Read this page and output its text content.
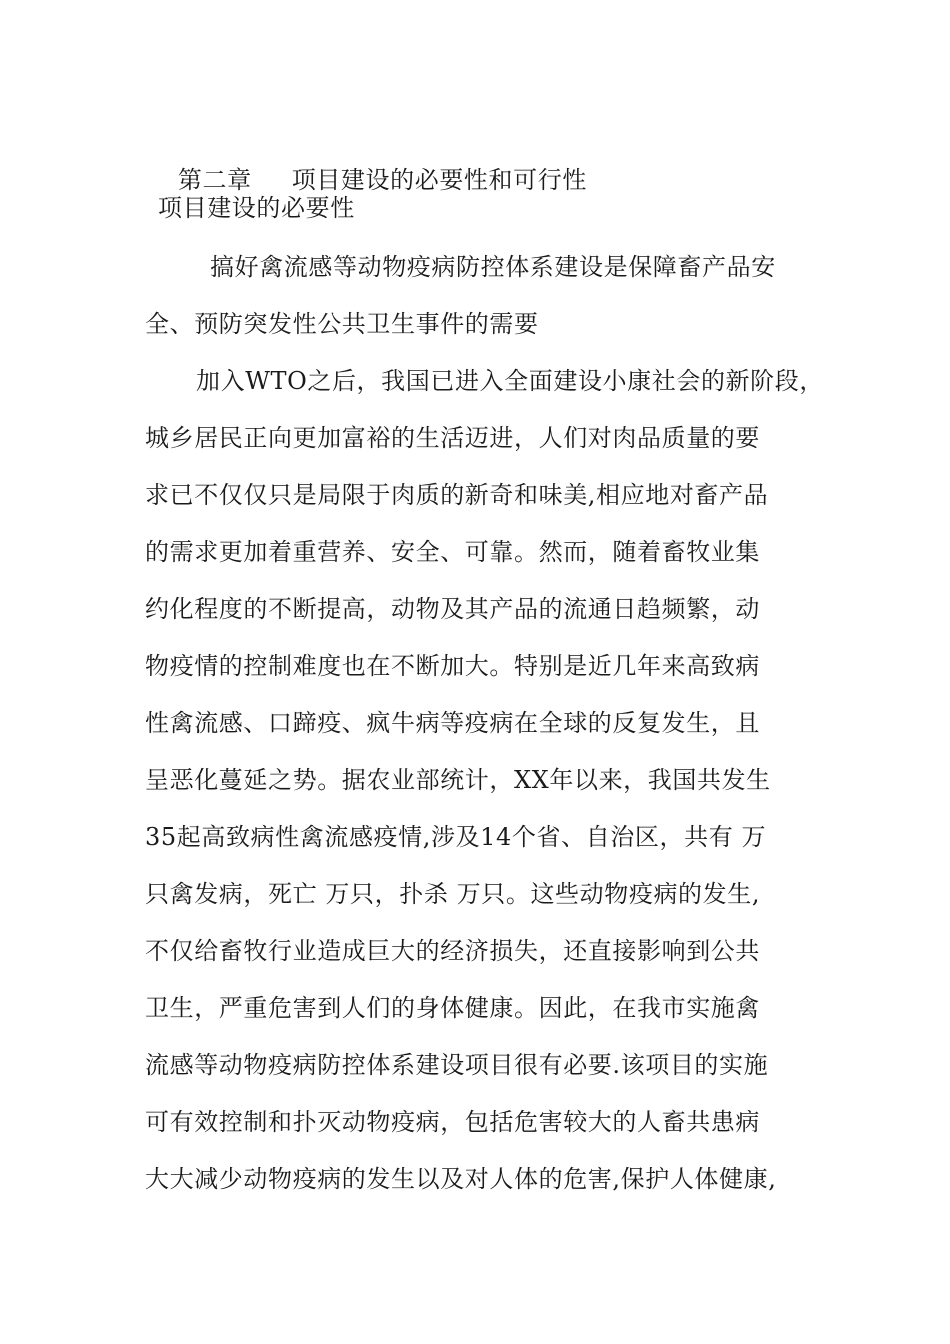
第二章 项目建设的必要性和可行性

项目建设的必要性
搞好禽流感等动物疫病防控体系建设是保障畜产品安
全、预防突发性公共卫生事件的需要
加入WTO之后，我国已进入全面建设小康社会的新阶段，
城乡居民正向更加富裕的生活迈进，人们对肉品质量的要
求已不仅仅只是局限于肉质的新奇和味美,相应地对畜产品
的需求更加着重营养、安全、可靠。然而，随着畜牧业集
约化程度的不断提高，动物及其产品的流通日趋频繁，动
物疫情的控制难度也在不断加大。特别是近几年来高致病
性禽流感、口蹄疫、疯牛病等疫病在全球的反复发生，且
呈恶化蔓延之势。据农业部统计，XX年以来，我国共发生
35起高致病性禽流感疫情,涉及14个省、自治区，共有 万
只禽发病，死亡 万只，扑杀 万只。这些动物疫病的发生,
不仅给畜牧行业造成巨大的经济损失，还直接影响到公共
卫生，严重危害到人们的身体健康。因此，在我市实施禽
流感等动物疫病防控体系建设项目很有必要.该项目的实施
可有效控制和扑灭动物疫病，包括危害较大的人畜共患病
大大减少动物疫病的发生以及对人体的危害,保护人体健康,
